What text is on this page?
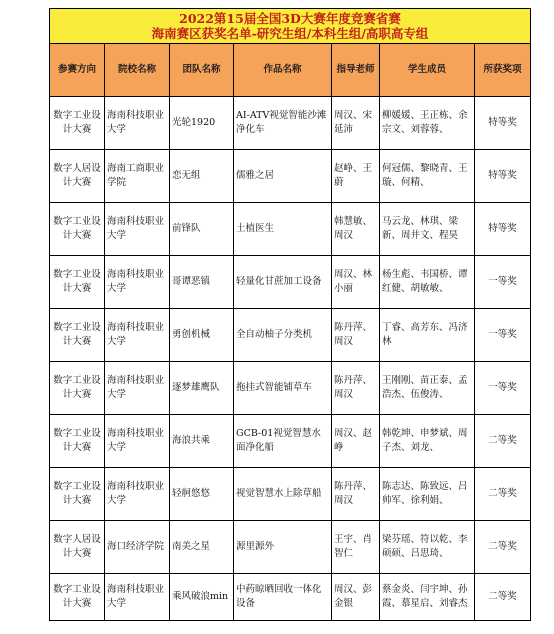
2022第15届全国3D大赛年度竞赛省赛
海南赛区获奖名单-研究生组/本科生组/高职高专组						

参赛方向	院校名称	团队名称	作品名称	指导老师	学生成员	所获奖项
数字工业设计大赛	海南科技职业大学	光轮1920	AI-ATV视觉智能沙滩净化车	周汉、宋延沛	柳媛媛、王正栋、余宗文、刘蓉蓉、	特等奖
数字人居设计大赛	海南工商职业学院	恋无组	儒雅之居	赵峥、王蔚	何冠儒、黎晓青、王璇、何精、	特等奖
数字工业设计大赛	海南科技职业大学	前锋队	土植医生	韩慧敏、周汉	马云龙、林琪、梁新、周井文、程昊	特等奖
数字工业设计大赛	海南科技职业大学	哥谭恶镇	轻量化甘蔗加工设备	周汉、林小丽	杨生彪、韦国桥、谭红健、胡敏敏、	一等奖
数字工业设计大赛	海南科技职业大学	勇创机械	全自动柚子分类机	陈丹萍、周汉	丁睿、高芳东、冯济林	一等奖
数字工业设计大赛	海南科技职业大学	逐梦雄鹰队	拖挂式智能铺草车	陈丹萍、周汉	王刚刚、苗正泰、孟浩杰、伍俊涛、	一等奖
数字工业设计大赛	海南科技职业大学	海浪共乘	GCB-01视觉智慧水面净化船	周汉、赵峥	韩乾坤、申梦斌、周子杰、刘龙、	二等奖
数字工业设计大赛	海南科技职业大学	轻舸悠悠	视觉智慧水上除草船	陈丹萍、周汉	陈志达、陈致远、吕帅军、徐利娟、	二等奖
数字人居设计大赛	海口经济学院	南美之星	源里源外	王宇、肖智仁	梁芬瑶、符以乾、李硕硕、吕思琦、	二等奖
数字工业设计大赛	海南科技职业大学	乘风破浪min	中药晾晒回收一体化设备	周汉、彭金银	蔡金炎、闫宇坤、孙霞、慕星启、刘睿杰	二等奖
